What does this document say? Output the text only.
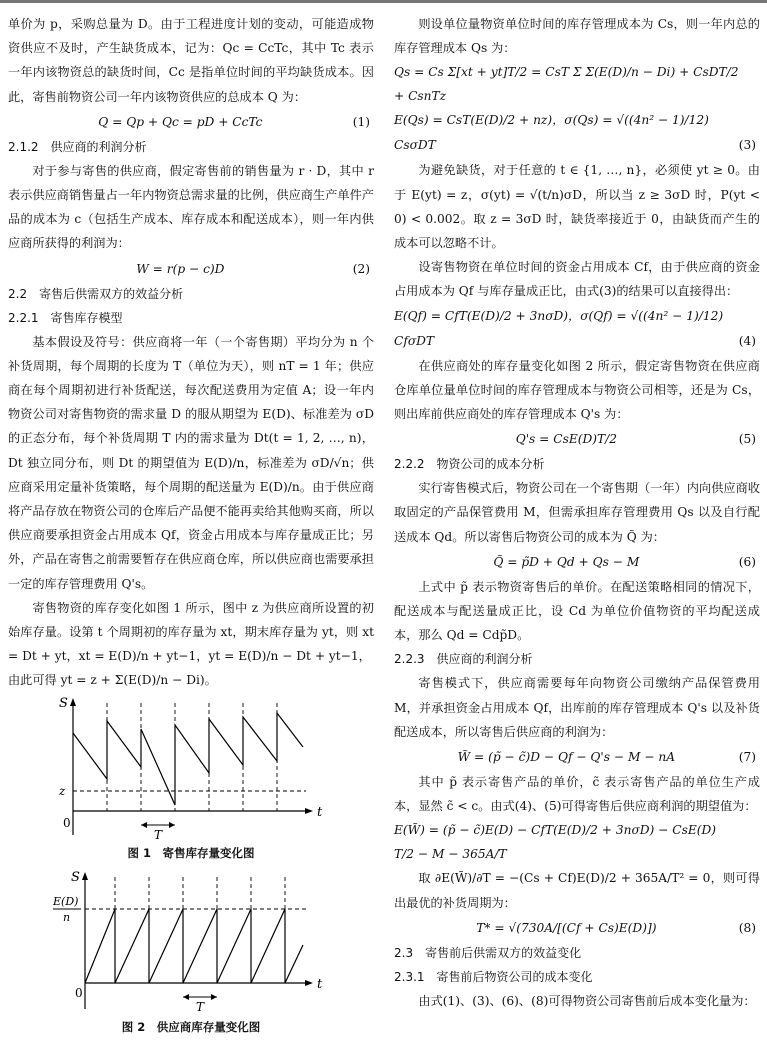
单价为 p，采购总量为 D。由于工程进度计划的变动，可能造成物资供应不及时，产生缺货成本，记为：Qc = CcTc，其中 Tc 表示一年内该物资总的缺货时间，Cc 是指单位时间的平均缺货成本。因此，寄售前物资公司一年内该物资供应的总成本 Q 为：

Q = Qp + Qc = pD + CcTc	(1)

2.1.2　供应商的利润分析

对于参与寄售的供应商，假定寄售前的销售量为 r · D，其中 r 表示供应商销售量占一年内物资总需求量的比例，供应商生产单件产品的成本为 c（包括生产成本、库存成本和配送成本），则一年内供应商所获得的利润为：

W = r(p − c)D	(2)

2.2　寄售后供需双方的效益分析

2.2.1　寄售库存模型

基本假设及符号：供应商将一年（一个寄售期）平均分为 n 个补货周期，每个周期的长度为 T（单位为天），则 nT = 1 年；供应商在每个周期初进行补货配送，每次配送费用为定值 A；设一年内物资公司对寄售物资的需求量 D 的服从期望为 E(D)、标准差为 σD 的正态分布，每个补货周期 T 内的需求量为 Dt(t = 1, 2, …, n)，Dt 独立同分布，则 Dt 的期望值为 E(D)/n，标准差为 σD/√n；供应商采用定量补货策略，每个周期的配送量为 E(D)/n。由于供应商将产品存放在物资公司的仓库后产品便不能再卖给其他购买商，所以供应商要承担资金占用成本 Qf，资金占用成本与库存量成正比；另外，产品在寄售之前需要暂存在供应商仓库，所以供应商也需要承担一定的库存管理费用 Q's。

寄售物资的库存变化如图 1 所示，图中 z 为供应商所设置的初始库存量。设第 t 个周期初的库存量为 xt，期末库存量为 yt，则 xt = Dt + yt，xt = E(D)/n + yt−1，yt = E(D)/n − Dt + yt−1，

由此可得 yt = z + Σ(E(D)/n − Di)。

S
t
0
z
T
图 1　寄售库存量变化图
S
t
0
E(D)
n
T
图 2　供应商库存量变化图

则设单位量物资单位时间的库存管理成本为 Cs，则一年内总的库存管理成本 Qs 为：

Qs = Cs Σ[xt + yt]T/2 = CsT Σ Σ(E(D)/n − Di) + CsDT/2

+ CsnTz

E(Qs) = CsT(E(D)/2 + nz)，σ(Qs) = √((4n² − 1)/12)

CsσDT	(3)

为避免缺货，对于任意的 t ∈ {1, …, n}，必须使 yt ≥ 0。由于 E(yt) = z，σ(yt) = √(t/n)σD，所以当 z ≥ 3σD 时，P(yt < 0) < 0.002。取 z = 3σD 时，缺货率接近于 0，由缺货而产生的成本可以忽略不计。

设寄售物资在单位时间的资金占用成本 Cf，由于供应商的资金占用成本为 Qf 与库存量成正比，由式(3)的结果可以直接得出：

E(Qf) = CfT(E(D)/2 + 3nσD)，σ(Qf) = √((4n² − 1)/12)

CfσDT	(4)

在供应商处的库存量变化如图 2 所示，假定寄售物资在供应商仓库单位量单位时间的库存管理成本与物资公司相等，还是为 Cs，则出库前供应商处的库存管理成本 Q's 为：

Q's = CsE(D)T/2	(5)

2.2.2　物资公司的成本分析

实行寄售模式后，物资公司在一个寄售期（一年）内向供应商收取固定的产品保管费用 M，但需承担库存管理费用 Qs 以及自行配送成本 Qd。所以寄售后物资公司的成本为 Q̃ 为：

Q̃ = p̃D + Qd + Qs − M	(6)

上式中 p̃ 表示物资寄售后的单价。在配送策略相同的情况下，配送成本与配送量成正比，设 Cd 为单位价值物资的平均配送成本，那么 Qd = Cdp̃D。

2.2.3　供应商的利润分析

寄售模式下，供应商需要每年向物资公司缴纳产品保管费用 M，并承担资金占用成本 Qf，出库前的库存管理成本 Q's 以及补货配送成本，所以寄售后供应商的利润为：

W̃ = (p̃ − c̃)D − Qf − Q's − M − nA	(7)

其中 p̃ 表示寄售产品的单价，c̃ 表示寄售产品的单位生产成本，显然 c̃ < c。由式(4)、(5)可得寄售后供应商利润的期望值为：

E(W̃) = (p̃ − c̃)E(D) − CfT(E(D)/2 + 3nσD) − CsE(D)

T/2 − M − 365A/T

取 ∂E(W̃)/∂T = −(Cs + Cf)E(D)/2 + 365A/T² = 0，则可得出最优的补货周期为：

T* = √(730A/[(Cf + Cs)E(D)])	(8)

2.3　寄售前后供需双方的效益变化

2.3.1　寄售前后物资公司的成本变化

由式(1)、(3)、(6)、(8)可得物资公司寄售前后成本变化量为：
